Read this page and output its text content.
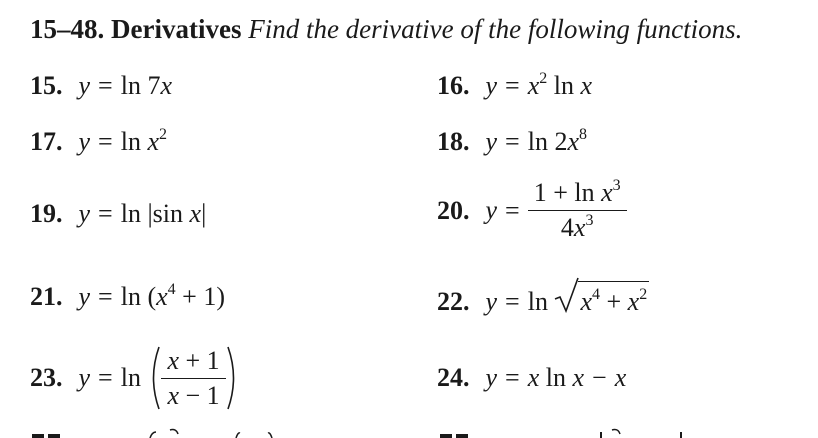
15–48. Derivatives Find the derivative of the following functions.
15. y = ln 7x	16. $y = x^2$ ln x
17. $y = \ln x^2$	18. $y = \ln 2x^8$
19. y = ln |sin x|	20. $y = \frac{1 + \ln x^3}{4x^3}$
21. $y = \ln (x^4 + 1)$	22. $y = \ln x^4 + x^2$
23. $y = \ln \frac{x + 1}{x - 1}$	24. y = x ln x − x
